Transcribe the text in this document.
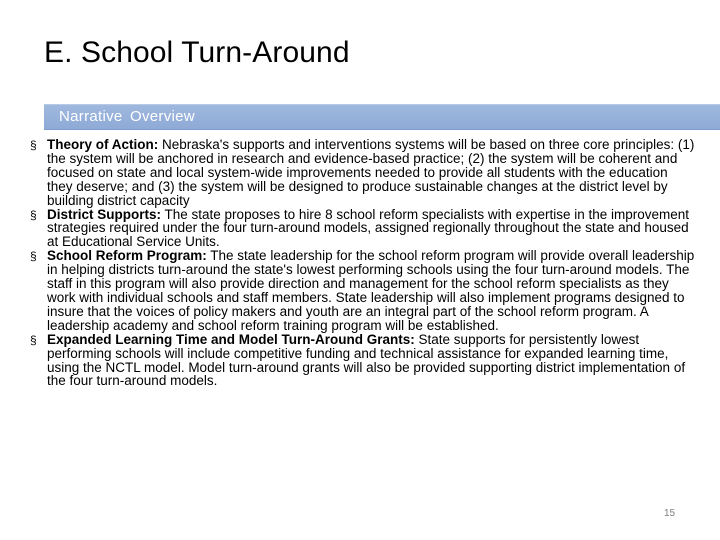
E. School Turn-Around
Narrative Overview
§ Theory of Action: Nebraska's supports and interventions systems will be based on three core principles: (1) the system will be anchored in research and evidence-based practice; (2) the system will be coherent and focused on state and local system-wide improvements needed to provide all students with the education they deserve; and (3) the system will be designed to produce sustainable changes at the district level by building district capacity
§ District Supports: The state proposes to hire 8 school reform specialists with expertise in the improvement strategies required under the four turn-around models, assigned regionally throughout the state and housed at Educational Service Units.
§ School Reform Program: The state leadership for the school reform program will provide overall leadership in helping districts turn-around the state's lowest performing schools using the four turn-around models. The staff in this program will also provide direction and management for the school reform specialists as they work with individual schools and staff members. State leadership will also implement programs designed to insure that the voices of policy makers and youth are an integral part of the school reform program. A leadership academy and school reform training program will be established.
§ Expanded Learning Time and Model Turn-Around Grants: State supports for persistently lowest performing schools will include competitive funding and technical assistance for expanded learning time, using the NCTL model. Model turn-around grants will also be provided supporting district implementation of the four turn-around models.
15
